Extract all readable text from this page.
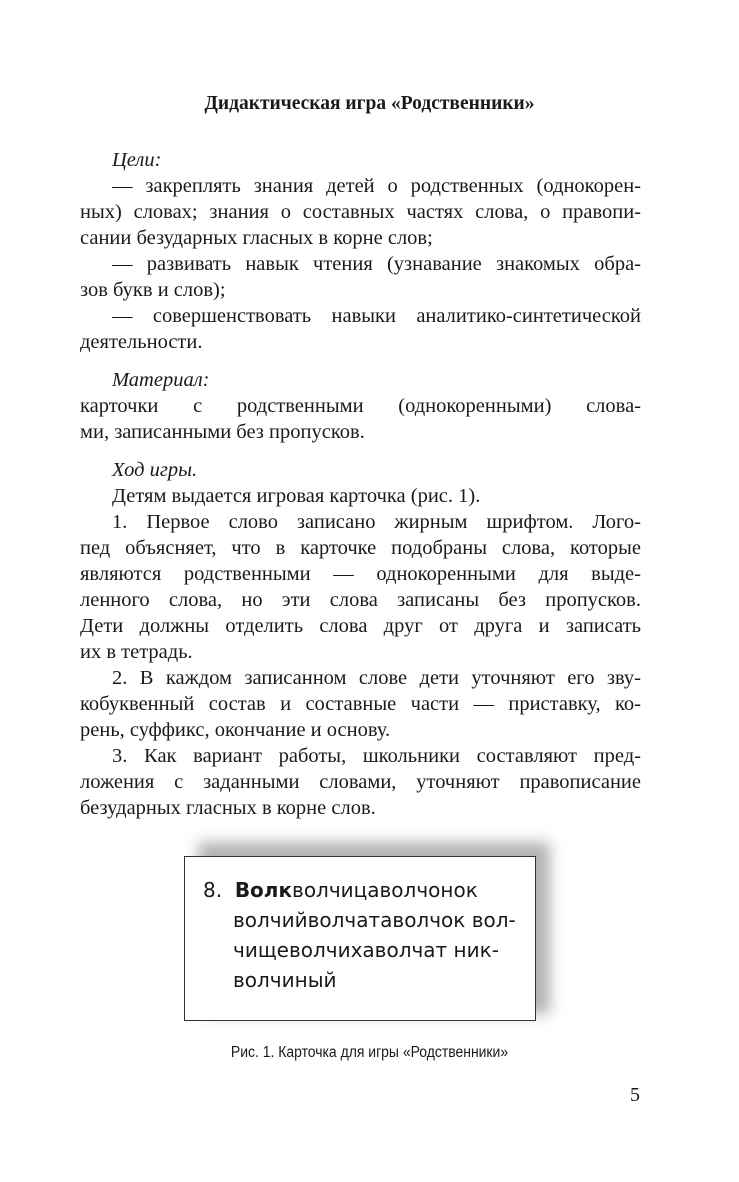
Дидактическая игра «Родственники»
Цели:
— закреплять знания детей о родственных (однокорен-
ных) словах; знания о составных частях слова, о правопи-
сании безударных гласных в корне слов;
— развивать навык чтения (узнавание знакомых обра-
зов букв и слов);
— совершенствовать навыки аналитико-синтетической
деятельности.
Материал:
карточки с родственными (однокоренными) слова-
ми, записанными без пропусков.
Ход игры.
Детям выдается игровая карточка (рис. 1).
1. Первое слово записано жирным шрифтом. Лого-
пед объясняет, что в карточке подобраны слова, которые
являются родственными — однокоренными для выде-
ленного слова, но эти слова записаны без пропусков.
Дети должны отделить слова друг от друга и записать
их в тетрадь.
2. В каждом записанном слове дети уточняют его зву-
кобуквенный состав и составные части — приставку, ко-
рень, суффикс, окончание и основу.
3. Как вариант работы, школьники составляют пред-
ложения с заданными словами, уточняют правописание
безударных гласных в корне слов.
8. Волкволчицаволчонок
волчийволчатаволчок вол-
чищеволчихаволчат ник-
волчиный
Рис. 1. Карточка для игры «Родственники»
5
